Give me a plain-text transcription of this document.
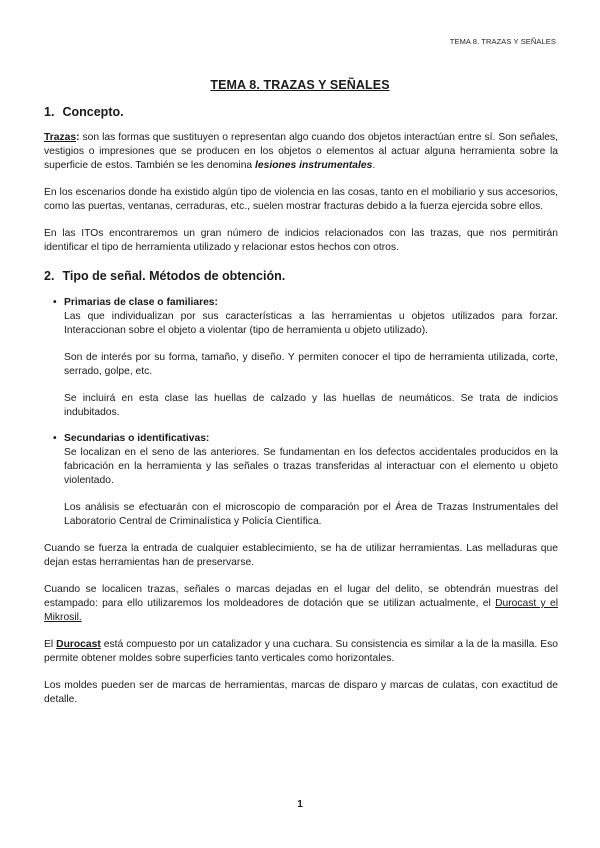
TEMA 8. TRAZAS Y SEÑALES
TEMA 8. TRAZAS Y SEÑALES
1. Concepto.

Trazas: son las formas que sustituyen o representan algo cuando dos objetos interactúan entre sí. Son señales, vestigios o impresiones que se producen en los objetos o elementos al actuar alguna herramienta sobre la superficie de estos. También se les denomina lesiones instrumentales.

En los escenarios donde ha existido algún tipo de violencia en las cosas, tanto en el mobiliario y sus accesorios, como las puertas, ventanas, cerraduras, etc., suelen mostrar fracturas debido a la fuerza ejercida sobre ellos.

En las ITOs encontraremos un gran número de indicios relacionados con las trazas, que nos permitirán identificar el tipo de herramienta utilizado y relacionar estos hechos con otros.

2. Tipo de señal. Métodos de obtención.
• Primarias de clase o familiares:

Las que individualizan por sus características a las herramientas u objetos utilizados para forzar. Interaccionan sobre el objeto a violentar (tipo de herramienta u objeto utilizado).

Son de interés por su forma, tamaño, y diseño. Y permiten conocer el tipo de herramienta utilizada, corte, serrado, golpe, etc.

Se incluirá en esta clase las huellas de calzado y las huellas de neumáticos. Se trata de indicios indubitados.

• Secundarias o identificativas:

Se localizan en el seno de las anteriores. Se fundamentan en los defectos accidentales producidos en la fabricación en la herramienta y las señales o trazas transferidas al interactuar con el elemento u objeto violentado.

Los análisis se efectuarán con el microscopio de comparación por el Área de Trazas Instrumentales del Laboratorio Central de Criminalística y Policía Científica.

Cuando se fuerza la entrada de cualquier establecimiento, se ha de utilizar herramientas. Las melladuras que dejan estas herramientas han de preservarse.

Cuando se localicen trazas, señales o marcas dejadas en el lugar del delito, se obtendrán muestras del estampado: para ello utilizaremos los moldeadores de dotación que se utilizan actualmente, el Durocast y el Mikrosil.

El Durocast está compuesto por un catalizador y una cuchara. Su consistencia es similar a la de la masilla. Eso permite obtener moldes sobre superficies tanto verticales como horizontales.

Los moldes pueden ser de marcas de herramientas, marcas de disparo y marcas de culatas, con exactitud de detalle.

1
